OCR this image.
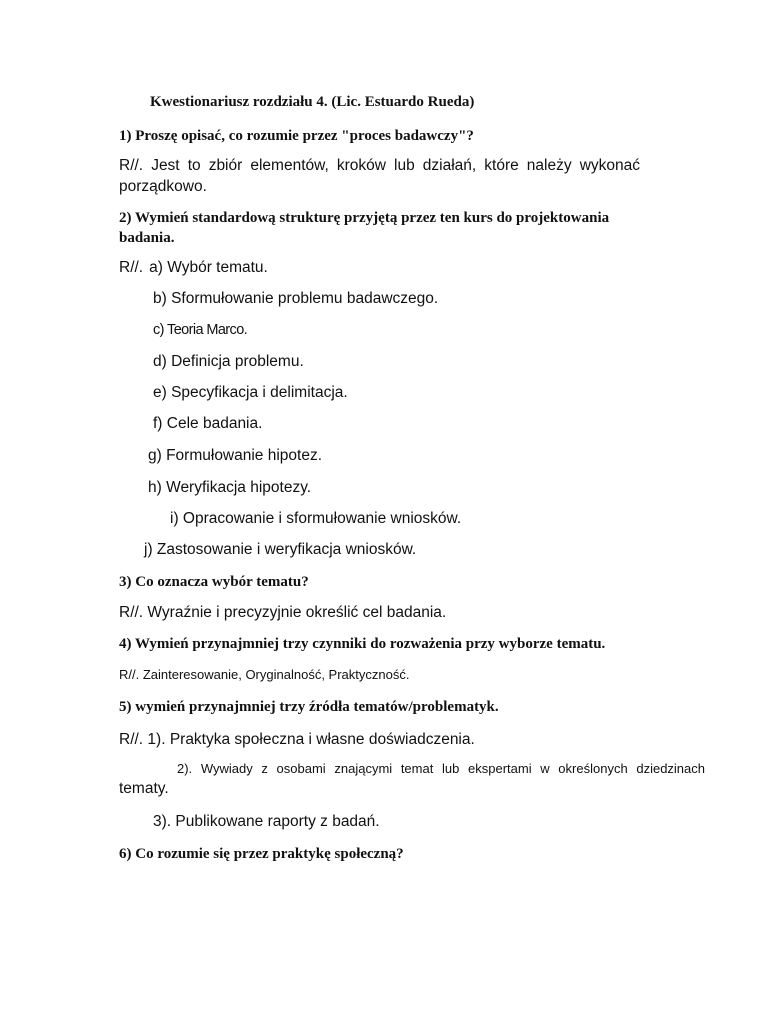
Kwestionariusz rozdziału 4. (Lic. Estuardo Rueda)
1) Proszę opisać, co rozumie przez "proces badawczy"?
R//. Jest to zbiór elementów, kroków lub działań, które należy wykonać porządkowo.
2) Wymień standardową strukturę przyjętą przez ten kurs do projektowania badania.
R//. a) Wybór tematu.
b) Sformułowanie problemu badawczego.
c) Teoria Marco.
d) Definicja problemu.
e) Specyfikacja i delimitacja.
f) Cele badania.
g) Formułowanie hipotez.
h) Weryfikacja hipotezy.
i) Opracowanie i sformułowanie wniosków.
j) Zastosowanie i weryfikacja wniosków.
3) Co oznacza wybór tematu?
R//. Wyraźnie i precyzyjnie określić cel badania.
4) Wymień przynajmniej trzy czynniki do rozważenia przy wyborze tematu.
R//. Zainteresowanie, Oryginalność, Praktyczność.
5) wymień przynajmniej trzy źródła tematów/problematyk.
R//. 1). Praktyka społeczna i własne doświadczenia.
2). Wywiady z osobami znającymi temat lub ekspertami w określonych dziedzinach tematy.
3). Publikowane raporty z badań.
6) Co rozumie się przez praktykę społeczną?
